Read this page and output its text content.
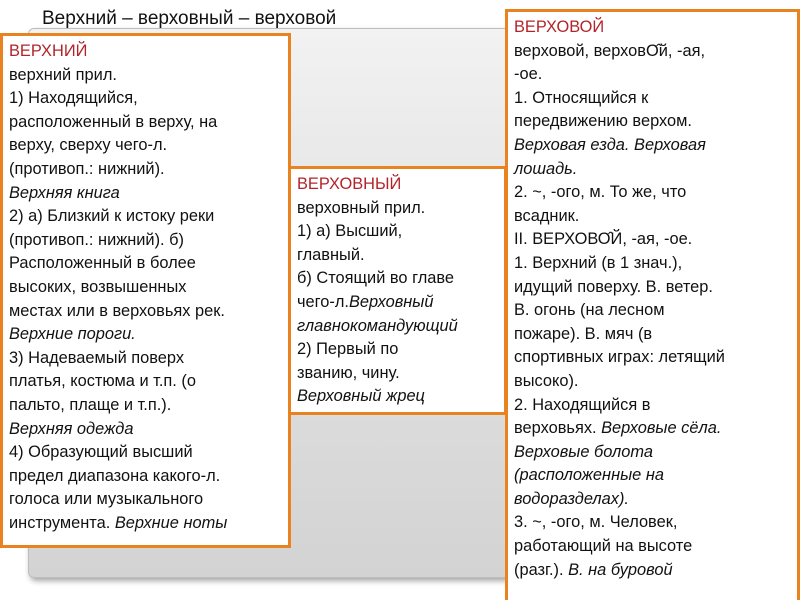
Верхний – верховный – верховой
ВЕРХНИЙ
верхний прил.
1) Находящийся,
расположенный в верху, на
верху, сверху чего-л.
(противоп.: нижний).
Верхняя книга
2) а) Близкий к истоку реки
(противоп.: нижний). б)
Расположенный в более
высоких, возвышенных
местах или в верховьях рек.
Верхние пороги.
3) Надеваемый поверх
платья, костюма и т.п. (о
пальто, плаще и т.п.).
Верхняя одежда
4) Образующий высший
предел диапазона какого-л.
голоса или музыкального
инструмента. Верхние ноты
ВЕРХОВНЫЙ
верховный прил.
1) а) Высший,
главный.
б) Стоящий во главе
чего-л.Верховный
главнокомандующий
2) Первый по
званию, чину.
Верховный жрец
ВЕРХОВОЙ
верховой, верховО̂й, -ая,
-ое.
1. Относящийся к
передвижению верхом.
Верховая езда. Верховая
лошадь.
2. ~, -ого, м. То же, что
всадник.
II. ВЕРХОВО̂Й, -ая, -ое.
1. Верхний (в 1 знач.),
идущий поверху. В. ветер.
В. огонь (на лесном
пожаре). В. мяч (в
спортивных играх: летящий
высоко).
2. Находящийся в
верховьях. Верховые сёла.
Верховые болота
(расположенные на
водоразделах).
3. ~, -ого, м. Человек,
работающий на высоте
(разг.). В. на буровой
